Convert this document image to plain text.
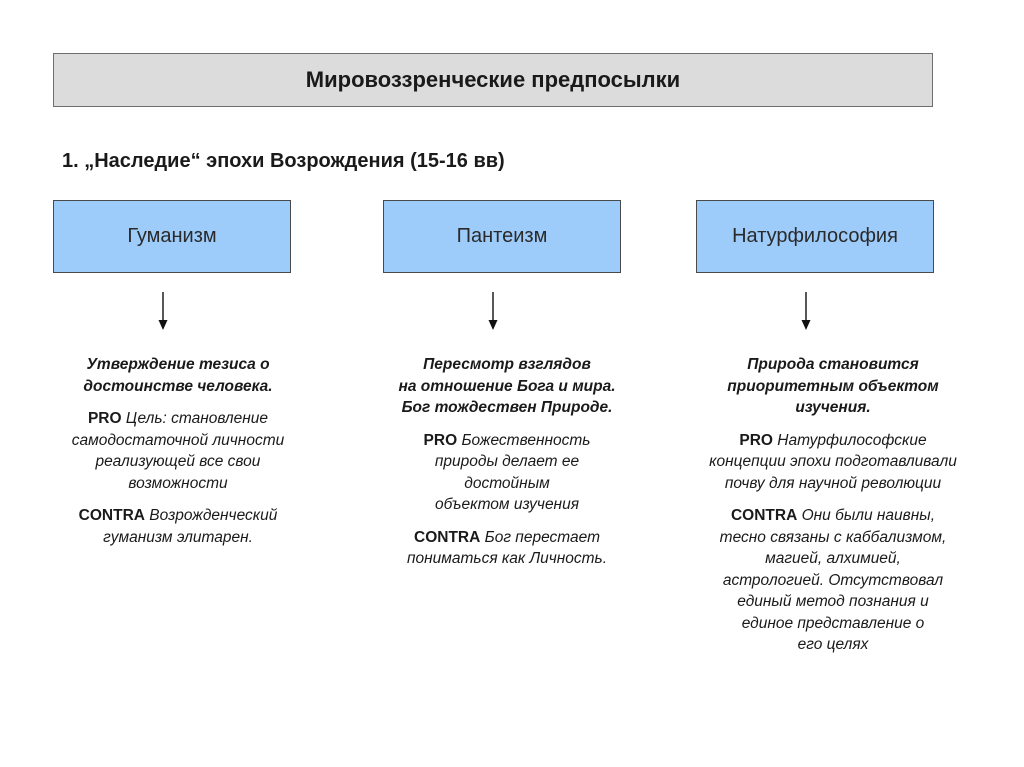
Мировоззренческие предпосылки
1. „Наследие“ эпохи Возрождения (15-16 вв)
Гуманизм	Пантеизм	Натурфилософия

Утверждение тезиса о
достоинстве человека.

PRO Цель: становление
самодостаточной личности
реализующей все свои
возможности

CONTRA Возрожденческий
гуманизм элитарен.

Пересмотр взглядов
на отношение Бога и мира.
Бог тождествен Природе.

PRO Божественность
природы делает ее
достойным
объектом изучения

CONTRA Бог перестает
пониматься как Личность.

Природа становится
приоритетным объектом
изучения.

PRO Натурфилософские
концепции эпохи подготавливали
почву для научной революции

CONTRA Они были наивны,
тесно связаны с каббализмом,
магией, алхимией,
астрологией. Отсутствовал
единый метод познания и
единое представление о
его целях
